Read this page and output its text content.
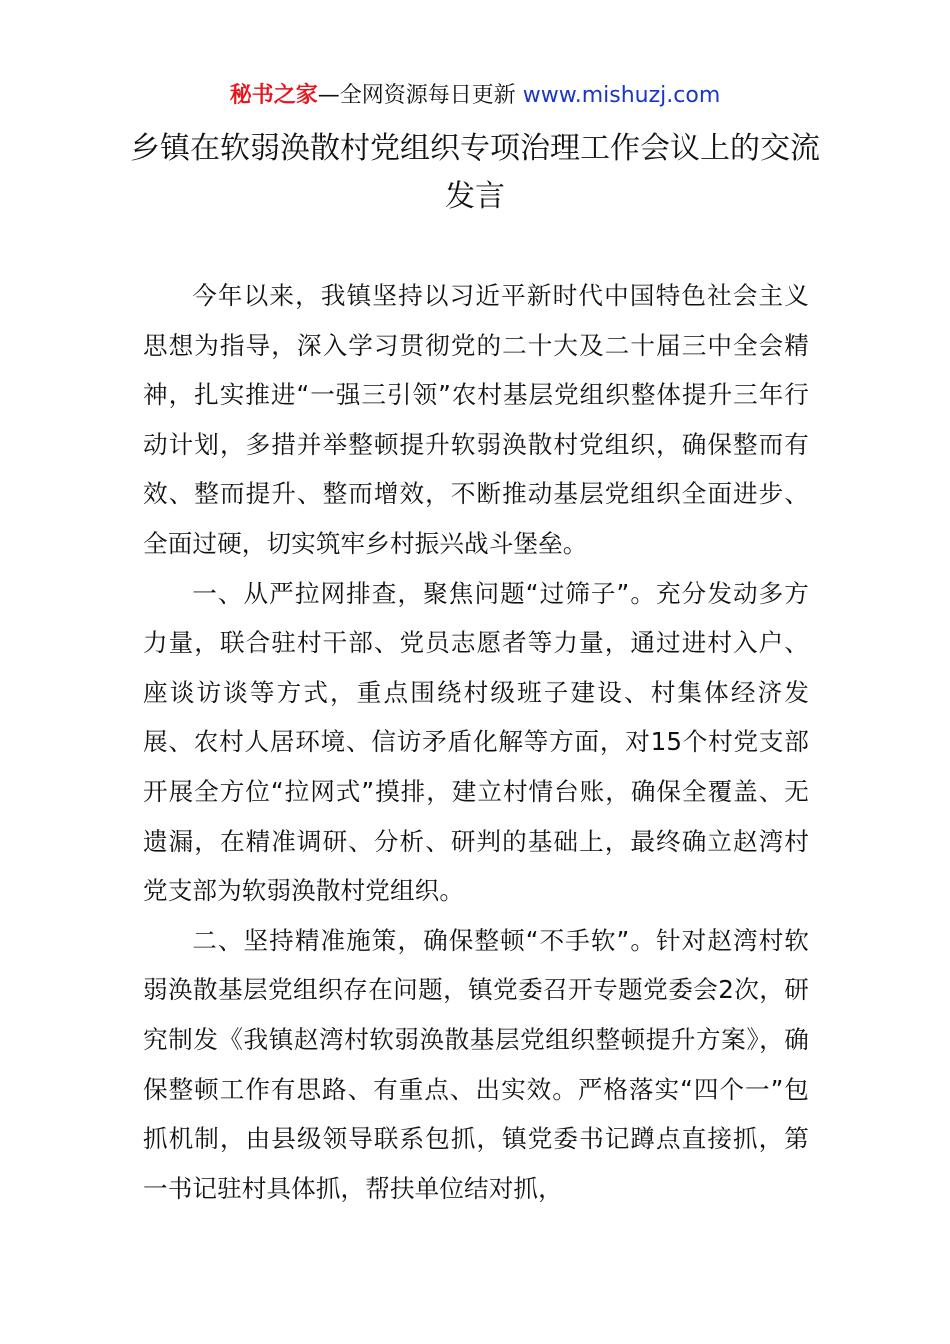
秘书之家—全网资源每日更新 www.mishuzj.com
乡镇在软弱涣散村党组织专项治理工作会议上的交流发言

今年以来，我镇坚持以习近平新时代中国特色社会主义思想为指导，深入学习贯彻党的二十大及二十届三中全会精神，扎实推进“一强三引领”农村基层党组织整体提升三年行动计划，多措并举整顿提升软弱涣散村党组织，确保整而有效、整而提升、整而增效，不断推动基层党组织全面进步、全面过硬，切实筑牢乡村振兴战斗堡垒。

一、从严拉网排查，聚焦问题“过筛子”。充分发动多方力量，联合驻村干部、党员志愿者等力量，通过进村入户、座谈访谈等方式，重点围绕村级班子建设、村集体经济发展、农村人居环境、信访矛盾化解等方面，对15个村党支部开展全方位“拉网式”摸排，建立村情台账，确保全覆盖、无遗漏，在精准调研、分析、研判的基础上，最终确立赵湾村党支部为软弱涣散村党组织。

二、坚持精准施策，确保整顿“不手软”。针对赵湾村软弱涣散基层党组织存在问题，镇党委召开专题党委会2次，研究制发《我镇赵湾村软弱涣散基层党组织整顿提升方案》，确保整顿工作有思路、有重点、出实效。严格落实“四个一”包抓机制，由县级领导联系包抓，镇党委书记蹲点直接抓，第一书记驻村具体抓，帮扶单位结对抓，
